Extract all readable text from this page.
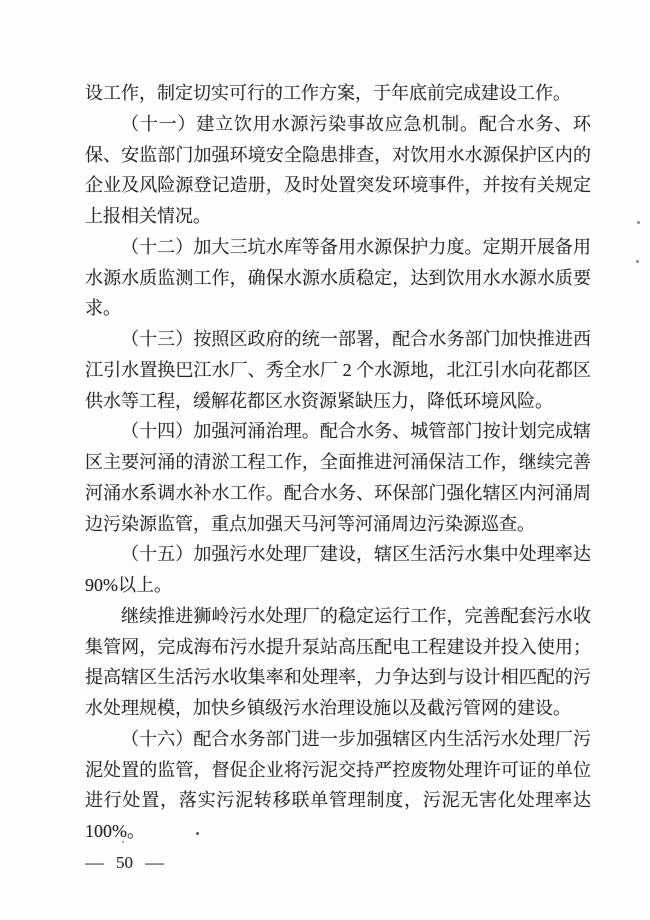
设工作，制定切实可行的工作方案，于年底前完成建设工作。

（十一）建立饮用水源污染事故应急机制。配合水务、环保、安监部门加强环境安全隐患排查，对饮用水水源保护区内的企业及风险源登记造册，及时处置突发环境事件，并按有关规定上报相关情况。

（十二）加大三坑水库等备用水源保护力度。定期开展备用水源水质监测工作，确保水源水质稳定，达到饮用水水源水质要求。

（十三）按照区政府的统一部署，配合水务部门加快推进西江引水置换巴江水厂、秀全水厂 2 个水源地，北江引水向花都区供水等工程，缓解花都区水资源紧缺压力，降低环境风险。

（十四）加强河涌治理。配合水务、城管部门按计划完成辖区主要河涌的清淤工程工作，全面推进河涌保洁工作，继续完善河涌水系调水补水工作。配合水务、环保部门强化辖区内河涌周边污染源监管，重点加强天马河等河涌周边污染源巡查。

（十五）加强污水处理厂建设，辖区生活污水集中处理率达90%以上。

继续推进狮岭污水处理厂的稳定运行工作，完善配套污水收集管网，完成海布污水提升泵站高压配电工程建设并投入使用；提高辖区生活污水收集率和处理率，力争达到与设计相匹配的污水处理规模，加快乡镇级污水治理设施以及截污管网的建设。

（十六）配合水务部门进一步加强辖区内生活污水处理厂污泥处置的监管，督促企业将污泥交持严控废物处理许可证的单位进行处置，落实污泥转移联单管理制度，污泥无害化处理率达100%。

— 50 —
